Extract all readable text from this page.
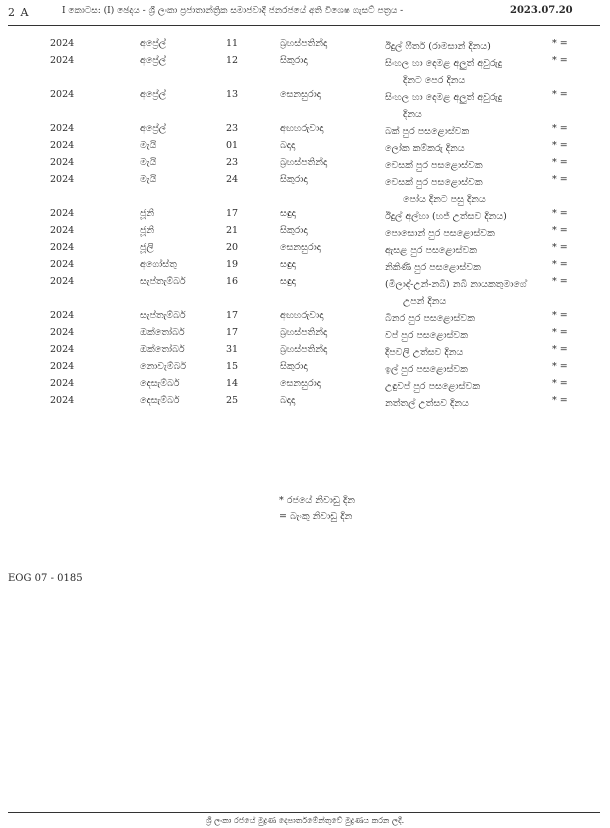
2 A	I කොටස: (I) ඡෙදය - ශ්‍රී ලංකා ප්‍රජාතාන්ත්‍රික සමාජවාදී ජනරජයේ අති විශෙෂ ගැසට් පත්‍රය -	2023.07.20
2024	අප්‍රේල්	11	බ්‍රහස්පතින්දා	ඊදුල් ෆීතර් (රාමසාන් දිනය)	* =
2024	අප්‍රේල්	12	සිකුරාදා	සිංහල හා දෙමළ අලුත් අවුරුදු
දිනට පෙර දිනය
* =
2024	අප්‍රේල්	13	සෙනසුරාදා	සිංහල හා දෙමළ අලුත් අවුරුදු
දිනය
* =
2024	අප්‍රේල්	23	අඟහරුවාදා	බක් පුර පසළොස්වක	* =
2024	මැයි	01	බදාදා	ලෝක කම්කරු දිනය	* =
2024	මැයි	23	බ්‍රහස්පතින්දා	වෙසක් පුර පසළොස්වක	* =
2024	මැයි	24	සිකුරාදා	වෙසක් පුර පසළොස්වක
පෝය දිනට පසු දිනය
* =
2024	ජූනි	17	සඳුදා	ඊදුල් අල්හා (හජ් උත්සව දිනය)	* =
2024	ජූනි	21	සිකුරාදා	පොසොන් පුර පසළොස්වක	* =
2024	ජූලි	20	සෙනසුරාදා	ඇසළ පුර පසළොස්වක	* =
2024	අගෝස්තු	19	සඳුදා	නිකිණි පුර පසළොස්වක	* =
2024	සැප්තැම්බර්	16	සඳුදා	(මිලාද්-උන්-නබි) නබි නායකතුමාගේ
උපන් දිනය
* =
2024	සැප්තැම්බර්	17	අඟහරුවාදා	බිනර පුර පසළොස්වක	* =
2024	ඔක්තෝබර්	17	බ්‍රහස්පතින්දා	වප් පුර පසළොස්වක	* =
2024	ඔක්තෝබර්	31	බ්‍රහස්පතින්දා	දීපවලි උත්සව දිනය	* =
2024	නොවැම්බර්	15	සිකුරාදා	ඉල් පුර පසළොස්වක	* =
2024	දෙසැම්බර්	14	සෙනසුරාදා	උඳුවප් පුර පසළොස්වක	* =
2024	දෙසැම්බර්	25	බදාදා	නත්තල් උත්සව දිනය	* =
* රජයේ නිවාඩු දින
= බැංකු නිවාඩු දින
EOG 07 - 0185
ශ්‍රී ලංකා රජයේ මුද්‍රණ දෙපාර්තමේන්තුවේ මුද්‍රණය කරන ලදී.
